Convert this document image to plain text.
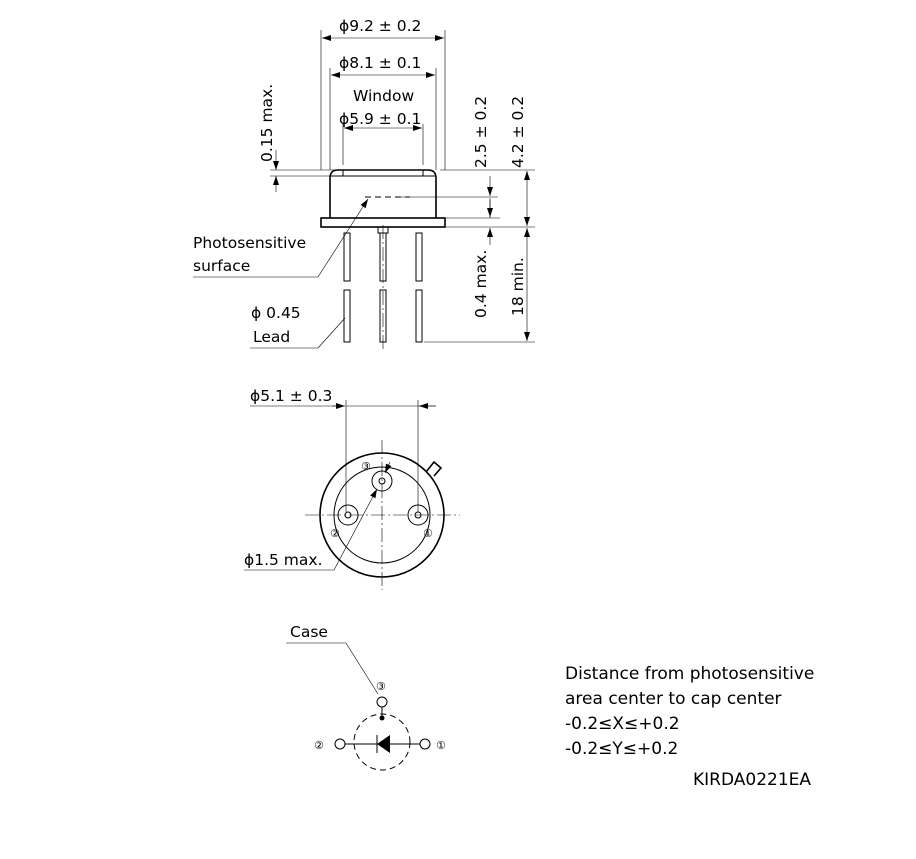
ϕ9.2 ± 0.2
ϕ8.1 ± 0.1
Window
ϕ5.9 ± 0.1
0.15 max.	2.5 ± 0.2 4.2 ± 0.2
0.4 max. 18 min.
Photosensitive
surface
ϕ 0.45
Lead
ϕ5.1 ± 0.3
③
②	①
ϕ1.5 max.
Case
③
②	①
Distance from photosensitive
area center to cap center
-0.2≤X≤+0.2
-0.2≤Y≤+0.2
KIRDA0221EA
